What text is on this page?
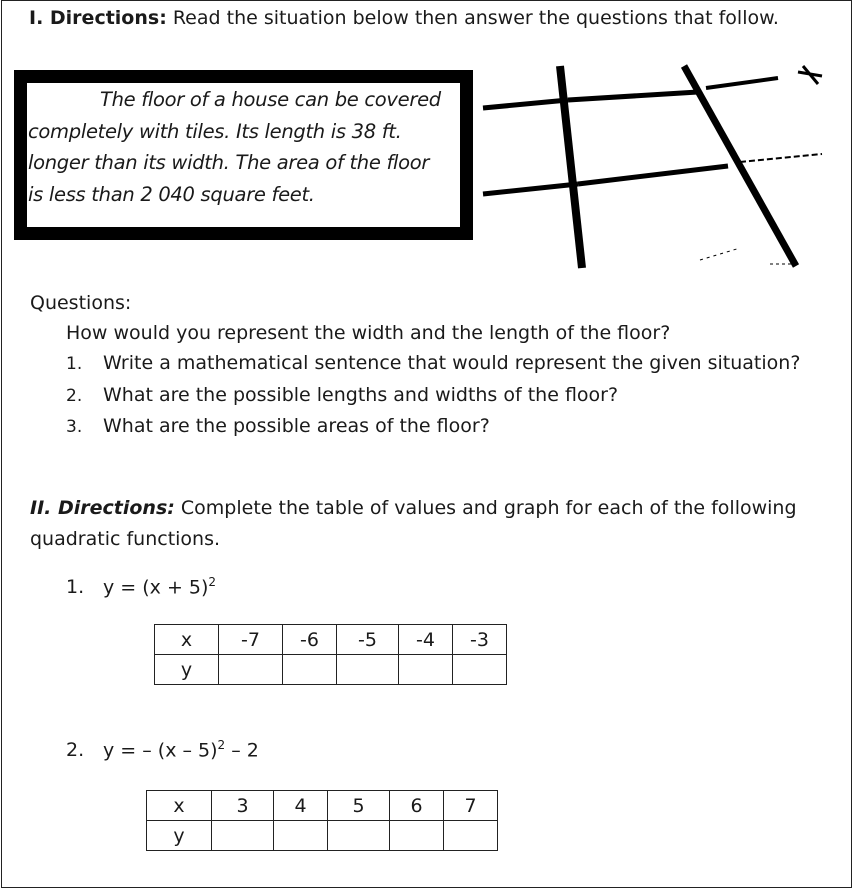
I. Directions: Read the situation below then answer the questions that follow.
The floor of a house can be covered
completely with tiles. Its length is 38 ft.
longer than its width. The area of the floor
is less than 2 040 square feet.
Questions:
How would you represent the width and the length of the floor?
1. Write a mathematical sentence that would represent the given situation?
2. What are the possible lengths and widths of the floor?
3. What are the possible areas of the floor?
II. Directions: Complete the table of values and graph for each of the following quadratic functions.
1. $y = (x + 5)^2$
x	-7	-6	-5	-4	-3
y					
2. y = – (x – 5)$^2$ – 2
x	3	4	5	6	7
y					
